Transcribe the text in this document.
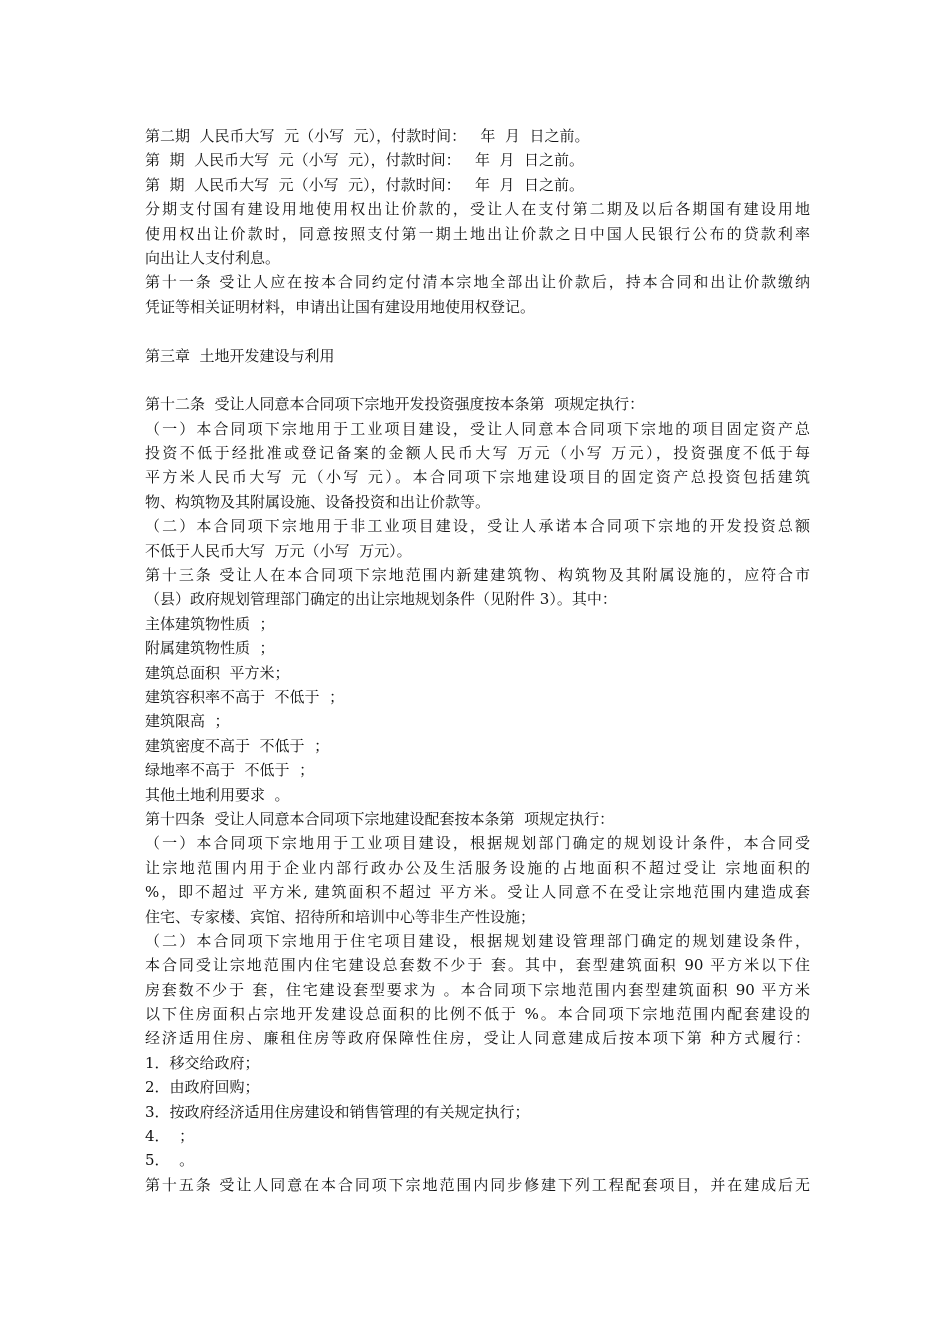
第二期  人民币大写  元（小写  元），付款时间：   年  月  日之前。
第  期  人民币大写  元（小写  元），付款时间：   年  月  日之前。
第  期  人民币大写  元（小写  元），付款时间：   年  月  日之前。
分期支付国有建设用地使用权出让价款的，受让人在支付第二期及以后各期国有建设用地
使用权出让价款时，同意按照支付第一期土地出让价款之日中国人民银行公布的贷款利率
向出让人支付利息。
第十一条 受让人应在按本合同约定付清本宗地全部出让价款后，持本合同和出让价款缴纳
凭证等相关证明材料，申请出让国有建设用地使用权登记。
第三章  土地开发建设与利用
第十二条  受让人同意本合同项下宗地开发投资强度按本条第  项规定执行：
（一）本合同项下宗地用于工业项目建设，受让人同意本合同项下宗地的项目固定资产总
投资不低于经批准或登记备案的金额人民币大写 万元（小写 万元），投资强度不低于每
平方米人民币大写 元（小写 元）。本合同项下宗地建设项目的固定资产总投资包括建筑
物、构筑物及其附属设施、设备投资和出让价款等。
（二）本合同项下宗地用于非工业项目建设，受让人承诺本合同项下宗地的开发投资总额
不低于人民币大写  万元（小写  万元）。
第十三条 受让人在本合同项下宗地范围内新建建筑物、构筑物及其附属设施的，应符合市
（县）政府规划管理部门确定的出让宗地规划条件（见附件 3）。其中：
主体建筑物性质  ；
附属建筑物性质  ；
建筑总面积  平方米；
建筑容积率不高于  不低于  ；
建筑限高  ；
建筑密度不高于  不低于  ；
绿地率不高于  不低于  ；
其他土地利用要求  。
第十四条  受让人同意本合同项下宗地建设配套按本条第  项规定执行：
（一）本合同项下宗地用于工业项目建设，根据规划部门确定的规划设计条件，本合同受
让宗地范围内用于企业内部行政办公及生活服务设施的占地面积不超过受让 宗地面积的
%，即不超过 平方米, 建筑面积不超过 平方米。受让人同意不在受让宗地范围内建造成套
住宅、专家楼、宾馆、招待所和培训中心等非生产性设施；
（二）本合同项下宗地用于住宅项目建设，根据规划建设管理部门确定的规划建设条件，
本合同受让宗地范围内住宅建设总套数不少于 套。其中，套型建筑面积 90 平方米以下住
房套数不少于 套，住宅建设套型要求为 。本合同项下宗地范围内套型建筑面积 90 平方米
以下住房面积占宗地开发建设总面积的比例不低于 %。本合同项下宗地范围内配套建设的
经济适用住房、廉租住房等政府保障性住房，受让人同意建成后按本项下第 种方式履行：
1．移交给政府；
2．由政府回购；
3．按政府经济适用住房建设和销售管理的有关规定执行；
4．  ；
5．  。
第十五条 受让人同意在本合同项下宗地范围内同步修建下列工程配套项目，并在建成后无
